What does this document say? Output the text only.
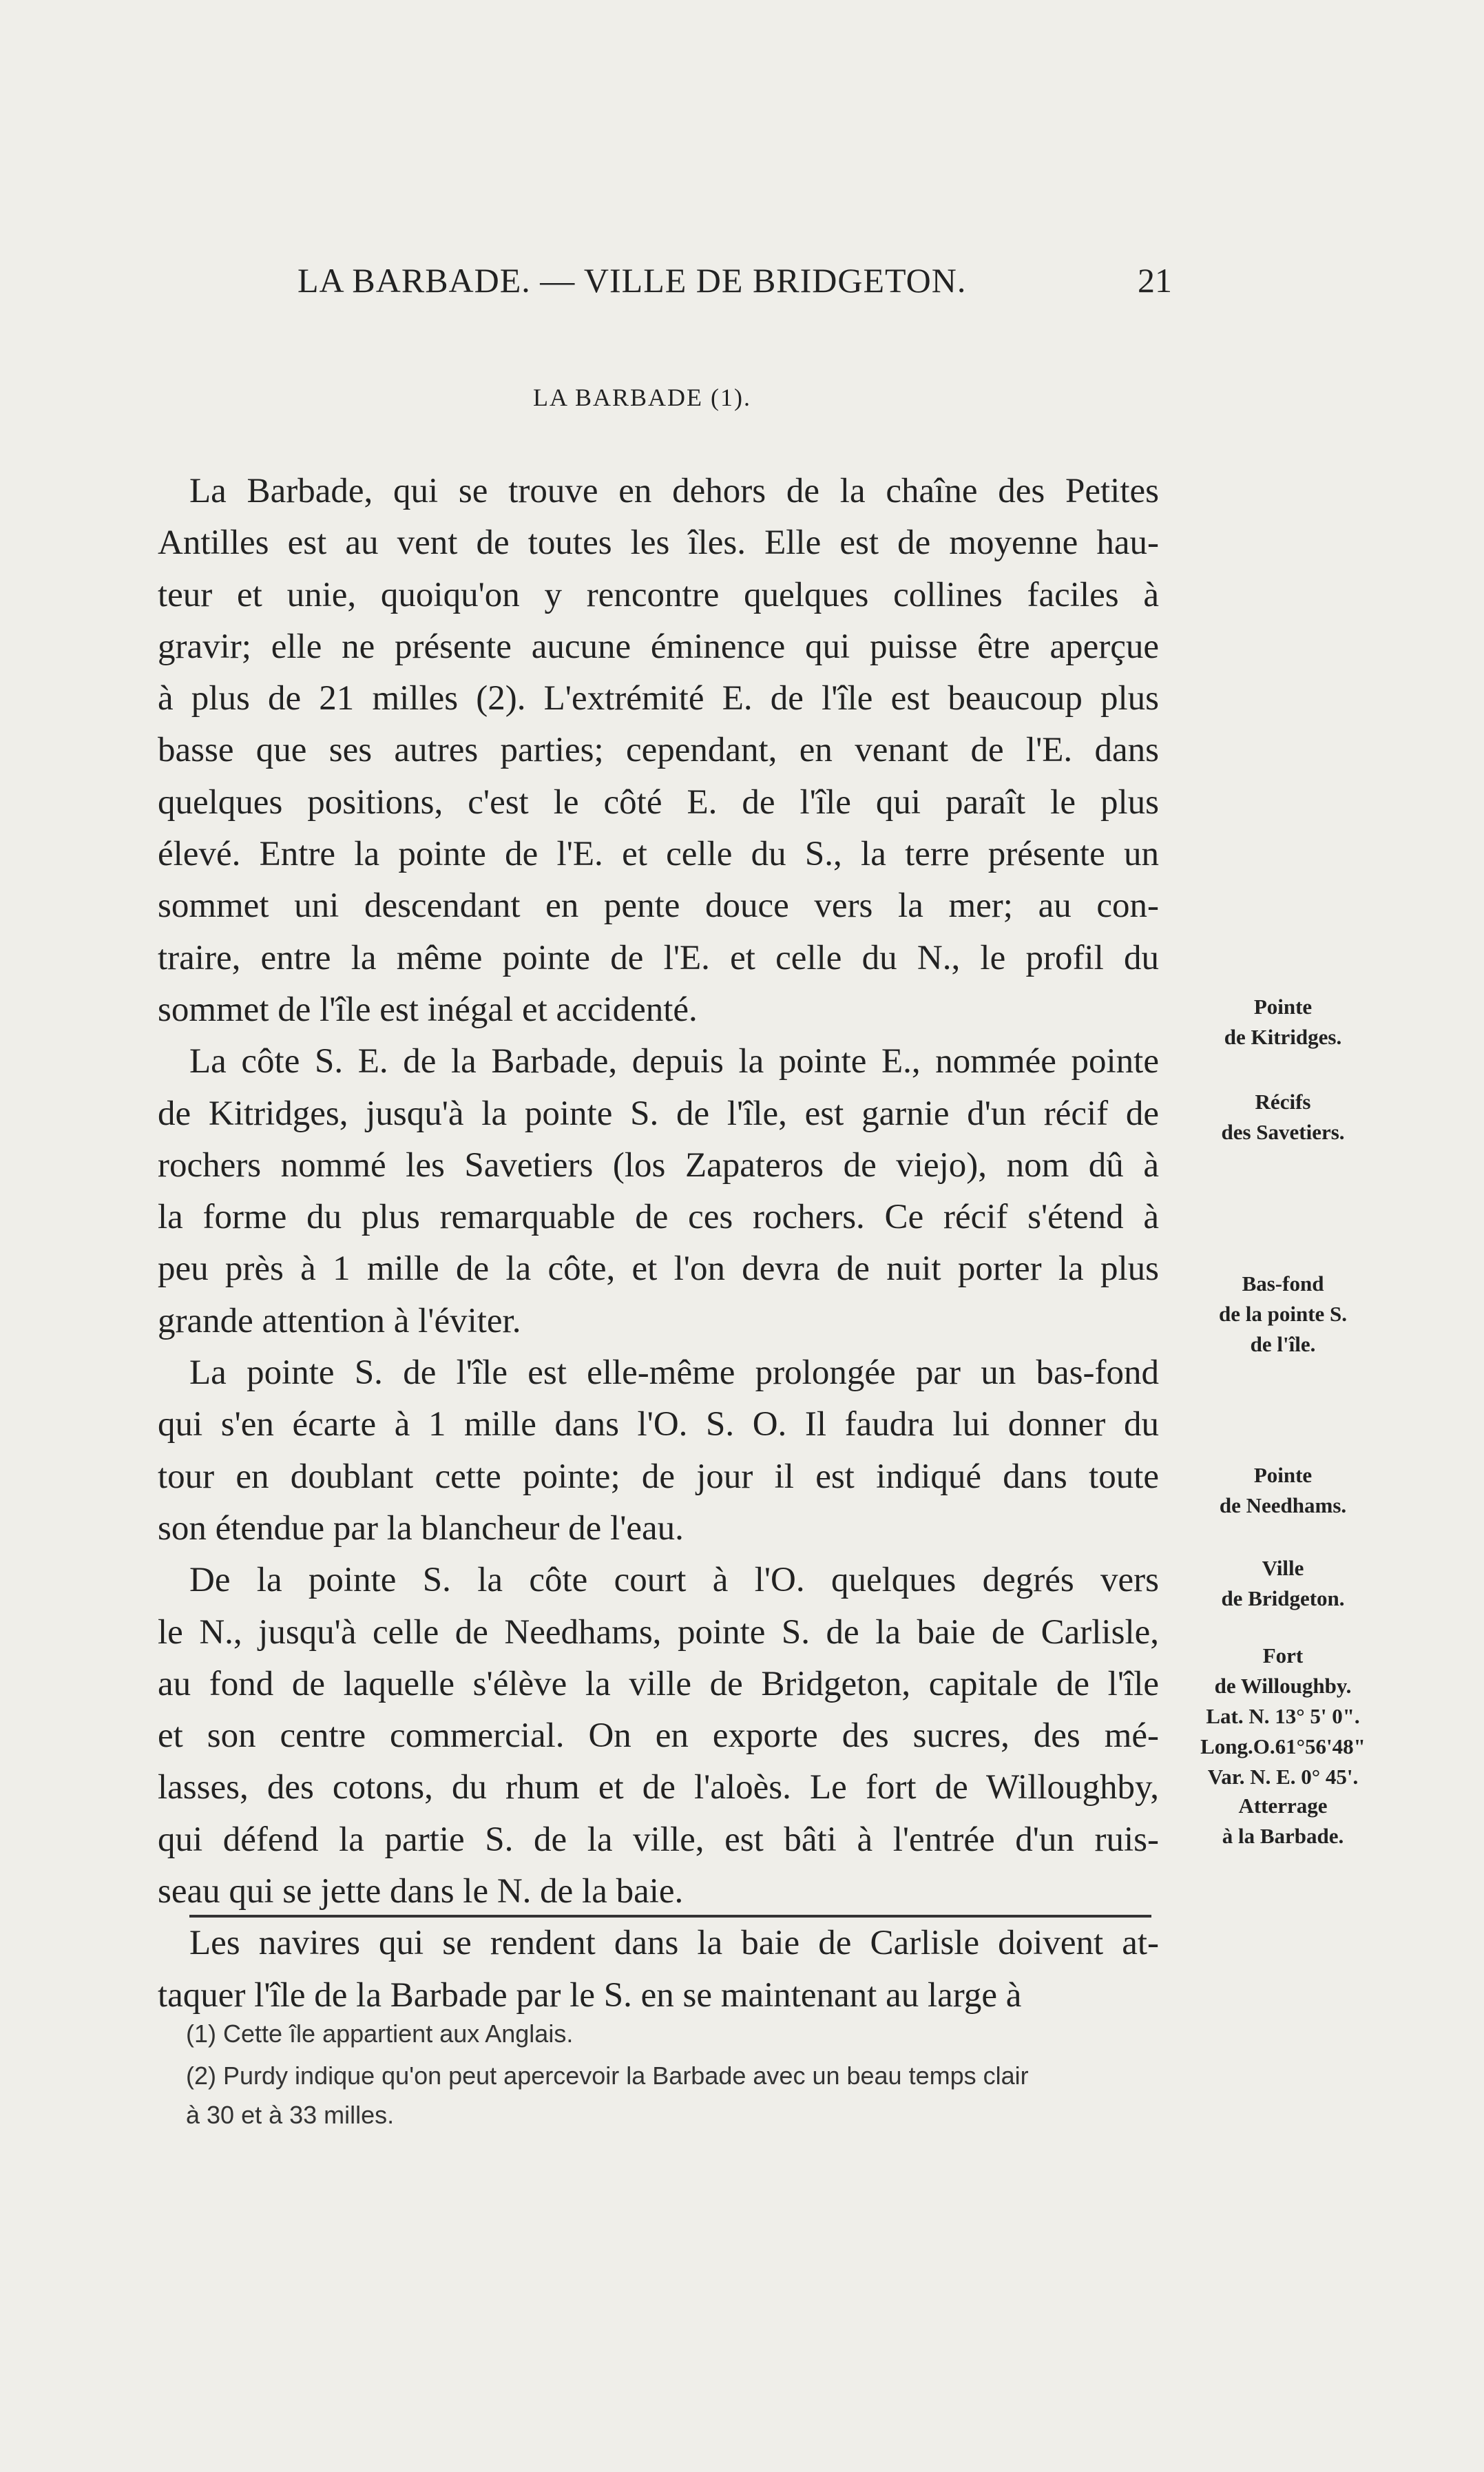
LA BARBADE. — VILLE DE BRIDGETON.	21
LA BARBADE (1).
La Barbade, qui se trouve en dehors de la chaîne des Petites
Antilles est au vent de toutes les îles. Elle est de moyenne hau-
teur et unie, quoiqu'on y rencontre quelques collines faciles à
gravir; elle ne présente aucune éminence qui puisse être aperçue
à plus de 21 milles (2). L'extrémité E. de l'île est beaucoup plus
basse que ses autres parties; cependant, en venant de l'E. dans
quelques positions, c'est le côté E. de l'île qui paraît le plus
élevé. Entre la pointe de l'E. et celle du S., la terre présente un
sommet uni descendant en pente douce vers la mer; au con-
traire, entre la même pointe de l'E. et celle du N., le profil du
sommet de l'île est inégal et accidenté.
La côte S. E. de la Barbade, depuis la pointe E., nommée pointe
de Kitridges, jusqu'à la pointe S. de l'île, est garnie d'un récif de
rochers nommé les Savetiers (los Zapateros de viejo), nom dû à
la forme du plus remarquable de ces rochers. Ce récif s'étend à
peu près à 1 mille de la côte, et l'on devra de nuit porter la plus
grande attention à l'éviter.
La pointe S. de l'île est elle-même prolongée par un bas-fond
qui s'en écarte à 1 mille dans l'O. S. O. Il faudra lui donner du
tour en doublant cette pointe; de jour il est indiqué dans toute
son étendue par la blancheur de l'eau.
De la pointe S. la côte court à l'O. quelques degrés vers
le N., jusqu'à celle de Needhams, pointe S. de la baie de Carlisle,
au fond de laquelle s'élève la ville de Bridgeton, capitale de l'île
et son centre commercial. On en exporte des sucres, des mé-
lasses, des cotons, du rhum et de l'aloès. Le fort de Willoughby,
qui défend la partie S. de la ville, est bâti à l'entrée d'un ruis-
seau qui se jette dans le N. de la baie.
Les navires qui se rendent dans la baie de Carlisle doivent at-
taquer l'île de la Barbade par le S. en se maintenant au large à
Pointe
de Kitridges.
Récifs
des Savetiers.
Bas-fond
de la pointe S.
de l'île.
Pointe
de Needhams.
Ville
de Bridgeton.
Fort
de Willoughby.
Lat. N. 13° 5' 0".
Long.O.61°56'48"
Var. N. E. 0° 45'.
Atterrage
à la Barbade.
(1) Cette île appartient aux Anglais.
(2) Purdy indique qu'on peut apercevoir la Barbade avec un beau temps clair
à 30 et à 33 milles.
